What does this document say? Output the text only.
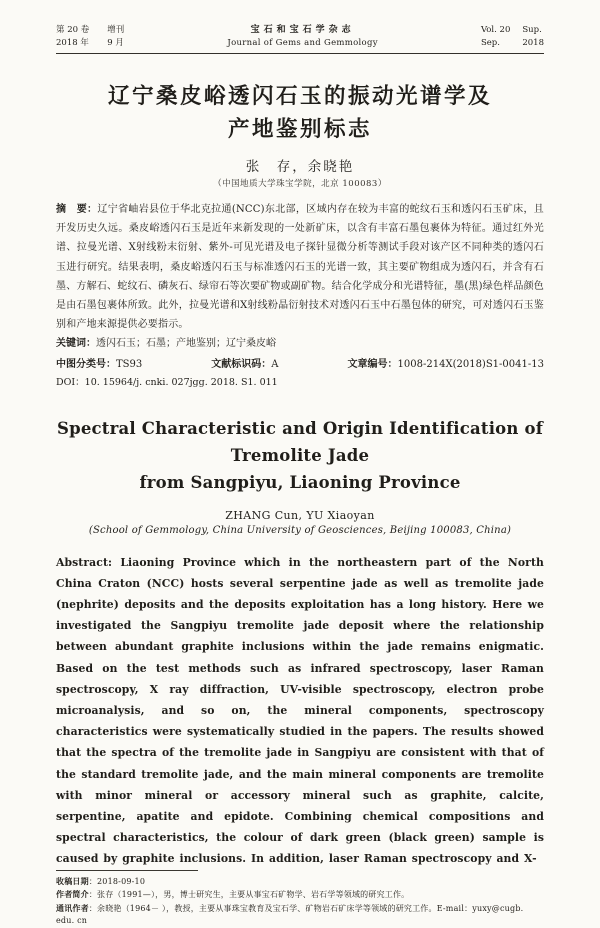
第 20 卷 增刊
2018 年 9 月
宝石和宝石学杂志
Journal of Gems and Gemmology
Vol. 20 Sup.
Sep.	2018
辽宁桑皮峪透闪石玉的振动光谱学及
产地鉴别标志
张　存，余晓艳
（中国地质大学珠宝学院，北京 100083）

摘　要：辽宁省岫岩县位于华北克拉通(NCC)东北部，区域内存在较为丰富的蛇纹石玉和透闪石玉矿床，且开发历史久远。桑皮峪透闪石玉是近年来新发现的一处新矿床，以含有丰富石墨包裹体为特征。通过红外光谱、拉曼光谱、X射线粉末衍射、紫外-可见光谱及电子探针显微分析等测试手段对该产区不同种类的透闪石玉进行研究。结果表明，桑皮峪透闪石玉与标准透闪石玉的光谱一致，其主要矿物组成为透闪石，并含有石墨、方解石、蛇纹石、磷灰石、绿帘石等次要矿物或副矿物。结合化学成分和光谱特征，墨(黑)绿色样品颜色是由石墨包裹体所致。此外，拉曼光谱和X射线粉晶衍射技术对透闪石玉中石墨包体的研究，可对透闪石玉鉴别和产地来源提供必要指示。

关键词：透闪石玉；石墨；产地鉴别；辽宁桑皮峪

中图分类号：TS93	文献标识码：A	文章编号：1008-214X(2018)S1-0041-13
DOI：10. 15964/j. cnki. 027jgg. 2018. S1. 011
Spectral Characteristic and Origin Identification of Tremolite Jade
from Sangpiyu, Liaoning Province
ZHANG Cun, YU Xiaoyan
(School of Gemmology, China University of Geosciences, Beijing 100083, China)

Abstract: Liaoning Province which in the northeastern part of the North China Craton (NCC) hosts several serpentine jade as well as tremolite jade (nephrite) deposits and the deposits exploitation has a long history. Here we investigated the Sangpiyu tremolite jade deposit where the relationship between abundant graphite inclusions within the jade remains enigmatic. Based on the test methods such as infrared spectroscopy, laser Raman spectroscopy, X ray diffraction, UV-visible spectroscopy, electron probe microanalysis, and so on, the mineral components, spectroscopy characteristics were systematically studied in the papers. The results showed that the spectra of the tremolite jade in Sangpiyu are consistent with that of the standard tremolite jade, and the main mineral components are tremolite with minor mineral or accessory mineral such as graphite, calcite, serpentine, apatite and epidote. Combining chemical compositions and spectral characteristics, the colour of dark green (black green) sample is caused by graphite inclusions. In addition, laser Raman spectroscopy and X-

收稿日期：2018-09-10
作者简介：张存（1991—），男，博士研究生，主要从事宝石矿物学、岩石学等领域的研究工作。
通讯作者：余晓艳（1964－ ），教授，主要从事珠宝教育及宝石学、矿物岩石矿床学等领域的研究工作。E-mail：yuxy@cugb. edu. cn
